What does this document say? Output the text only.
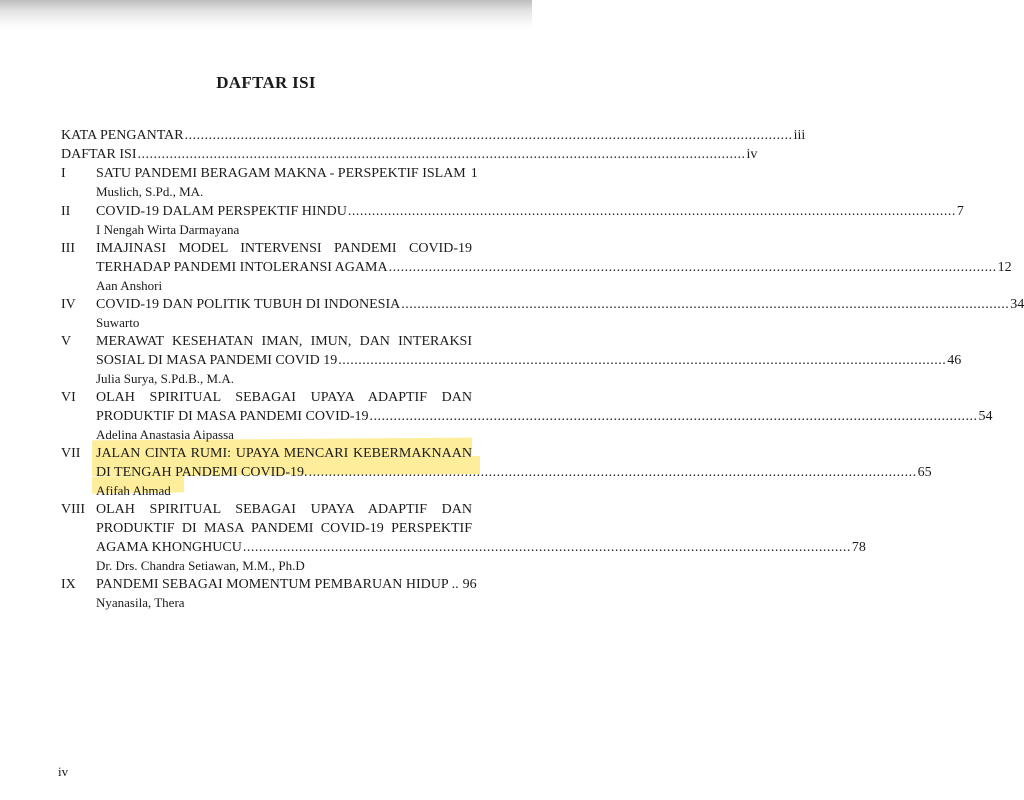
DAFTAR ISI
KATA PENGANTAR .....	iii
DAFTAR ISI .....	iv
I	SATU PANDEMI BERAGAM MAKNA - PERSPEKTIF ISLAM 1
Muslich, S.Pd., MA.
II	COVID-19 DALAM PERSPEKTIF HINDU .....	7
I Nengah Wirta Darmayana
III	IMAJINASI MODEL INTERVENSI PANDEMI COVID-19
TERHADAP PANDEMI INTOLERANSI AGAMA .....	12
Aan Anshori
IV	COVID-19 DAN POLITIK TUBUH DI INDONESIA .....	34
Suwarto
V	MERAWAT KESEHATAN IMAN, IMUN, DAN INTERAKSI
SOSIAL DI MASA PANDEMI COVID 19 .....	46
Julia Surya, S.Pd.B., M.A.
VI	OLAH SPIRITUAL SEBAGAI UPAYA ADAPTIF DAN
PRODUKTIF DI MASA PANDEMI COVID-19 .....	54
Adelina Anastasia Aipassa
VII	JALAN CINTA RUMI: UPAYA MENCARI KEBERMAKNAAN
DI TENGAH PANDEMI COVID-19. .....	65
Afifah Ahmad
VIII OLAH SPIRITUAL SEBAGAI UPAYA ADAPTIF DAN
PRODUKTIF DI MASA PANDEMI COVID-19 PERSPEKTIF
AGAMA KHONGHUCU .....	78
Dr. Drs. Chandra Setiawan, M.M., Ph.D
IX	PANDEMI SEBAGAI MOMENTUM PEMBARUAN HIDUP .. 96
Nyanasila, Thera
iv
